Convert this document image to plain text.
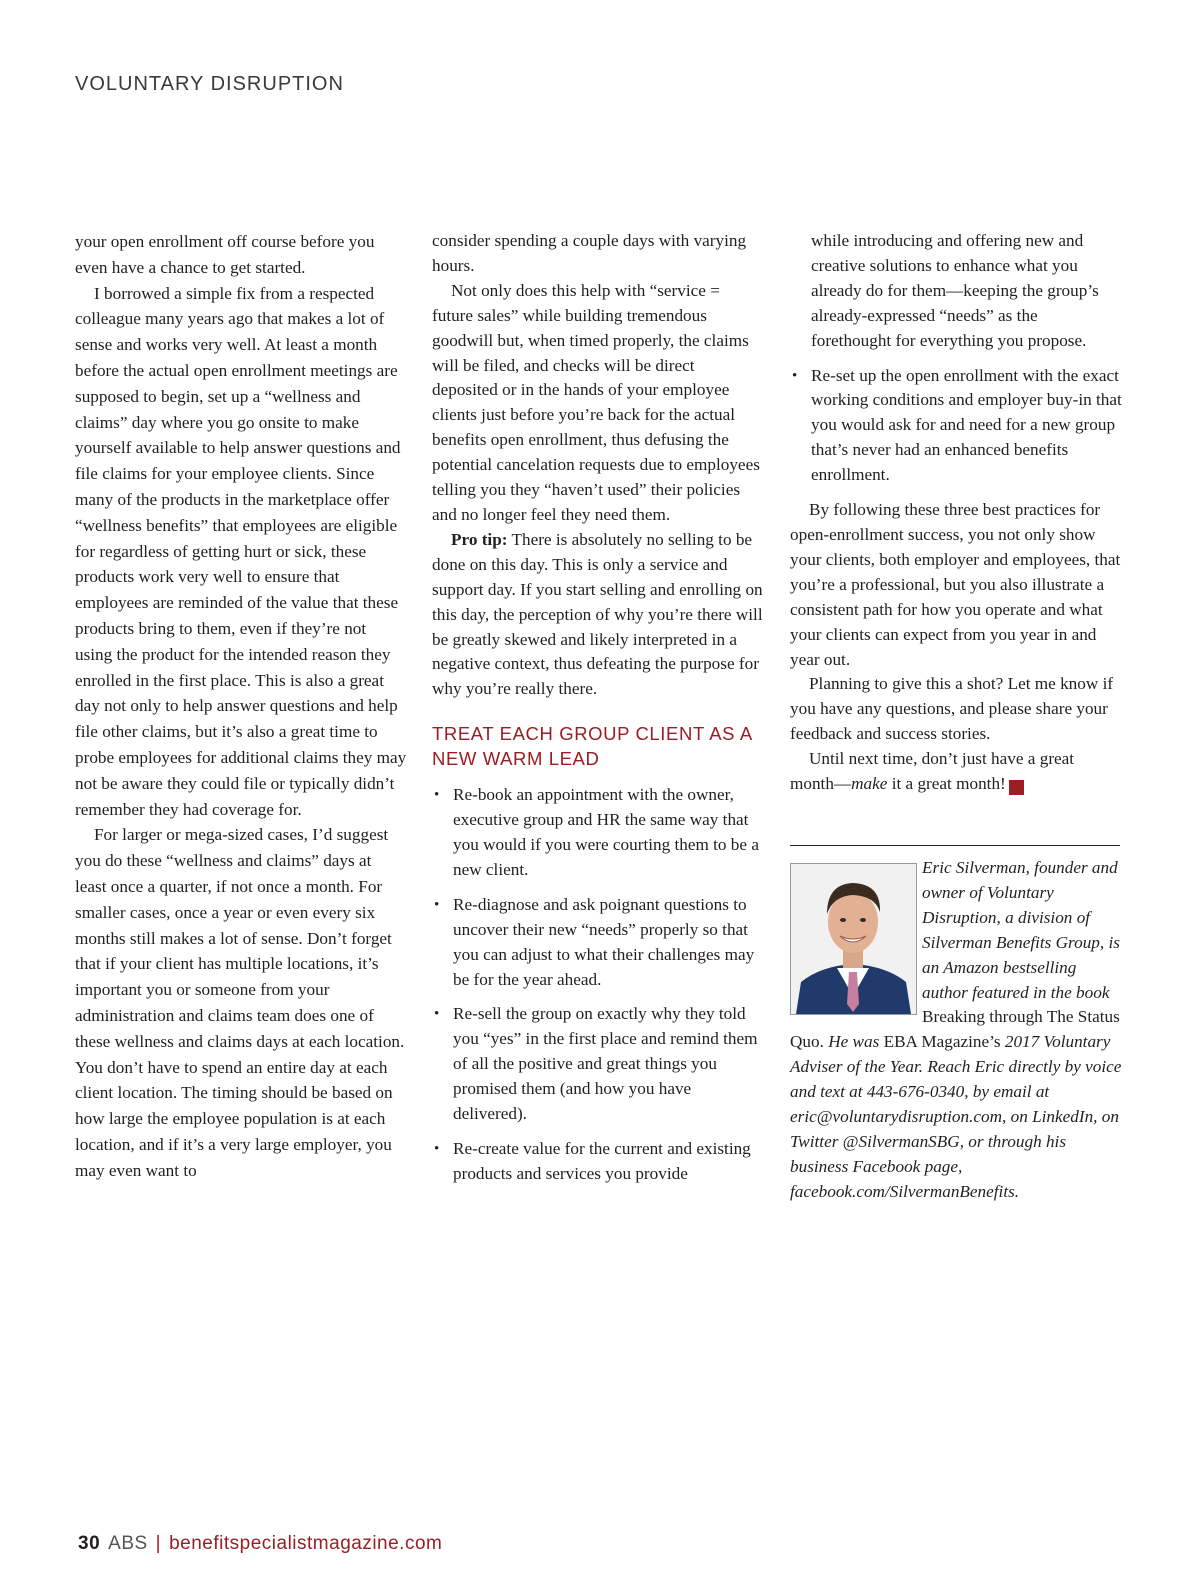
VOLUNTARY DISRUPTION

your open enrollment off course before you even have a chance to get started.

I borrowed a simple fix from a respected colleague many years ago that makes a lot of sense and works very well. At least a month before the actual open enrollment meetings are supposed to begin, set up a “wellness and claims” day where you go onsite to make yourself available to help answer questions and file claims for your employee clients. Since many of the products in the marketplace offer “wellness benefits” that employees are eligible for regardless of getting hurt or sick, these products work very well to ensure that employees are reminded of the value that these products bring to them, even if they’re not using the product for the intended reason they enrolled in the first place. This is also a great day not only to help answer questions and help file other claims, but it’s also a great time to probe employees for additional claims they may not be aware they could file or typically didn’t remember they had coverage for.

For larger or mega-sized cases, I’d suggest you do these “wellness and claims” days at least once a quarter, if not once a month. For smaller cases, once a year or even every six months still makes a lot of sense. Don’t forget that if your client has multiple locations, it’s important you or someone from your administration and claims team does one of these wellness and claims days at each location. You don’t have to spend an entire day at each client location. The timing should be based on how large the employee population is at each location, and if it’s a very large employer, you may even want to

consider spending a couple days with varying hours.

Not only does this help with “service = future sales” while building tremendous goodwill but, when timed properly, the claims will be filed, and checks will be direct deposited or in the hands of your employee clients just before you’re back for the actual benefits open enrollment, thus defusing the potential cancelation requests due to employees telling you they “haven’t used” their policies and no longer feel they need them.

Pro tip: There is absolutely no selling to be done on this day. This is only a service and support day. If you start selling and enrolling on this day, the perception of why you’re there will be greatly skewed and likely interpreted in a negative context, thus defeating the purpose for why you’re really there.

TREAT EACH GROUP CLIENT AS A NEW WARM LEAD
• Re-book an appointment with the owner, executive group and HR the same way that you would if you were courting them to be a new client.
• Re-diagnose and ask poignant questions to uncover their new “needs” properly so that you can adjust to what their challenges may be for the year ahead.
• Re-sell the group on exactly why they told you “yes” in the first place and remind them of all the positive and great things you promised them (and how you have delivered).
• Re-create value for the current and existing products and services you provide
while introducing and offering new and creative solutions to enhance what you already do for them—keeping the group’s already-expressed “needs” as the forethought for everything you propose.
• Re-set up the open enrollment with the exact working conditions and employer buy-in that you would ask for and need for a new group that’s never had an enhanced benefits enrollment.

By following these three best practices for open-enrollment success, you not only show your clients, both employer and employees, that you’re a professional, but you also illustrate a consistent path for how you operate and what your clients can expect from you year in and year out.

Planning to give this a shot? Let me know if you have any questions, and please share your feedback and success stories.

Until next time, don’t just have a great month—make it a great month! ABS

Eric Silverman, founder and owner of Voluntary Disruption, a division of Silverman Benefits Group, is an Amazon bestselling author featured in the book Breaking through The Status Quo. He was EBA Magazine’s 2017 Voluntary Adviser of the Year. Reach Eric directly by voice and text at 443-676-0340, by email at eric@voluntarydisruption.com, on LinkedIn, on Twitter @SilvermanSBG, or through his business Facebook page, facebook.com/SilvermanBenefits.
30 ABS | benefitspecialistmagazine.com
